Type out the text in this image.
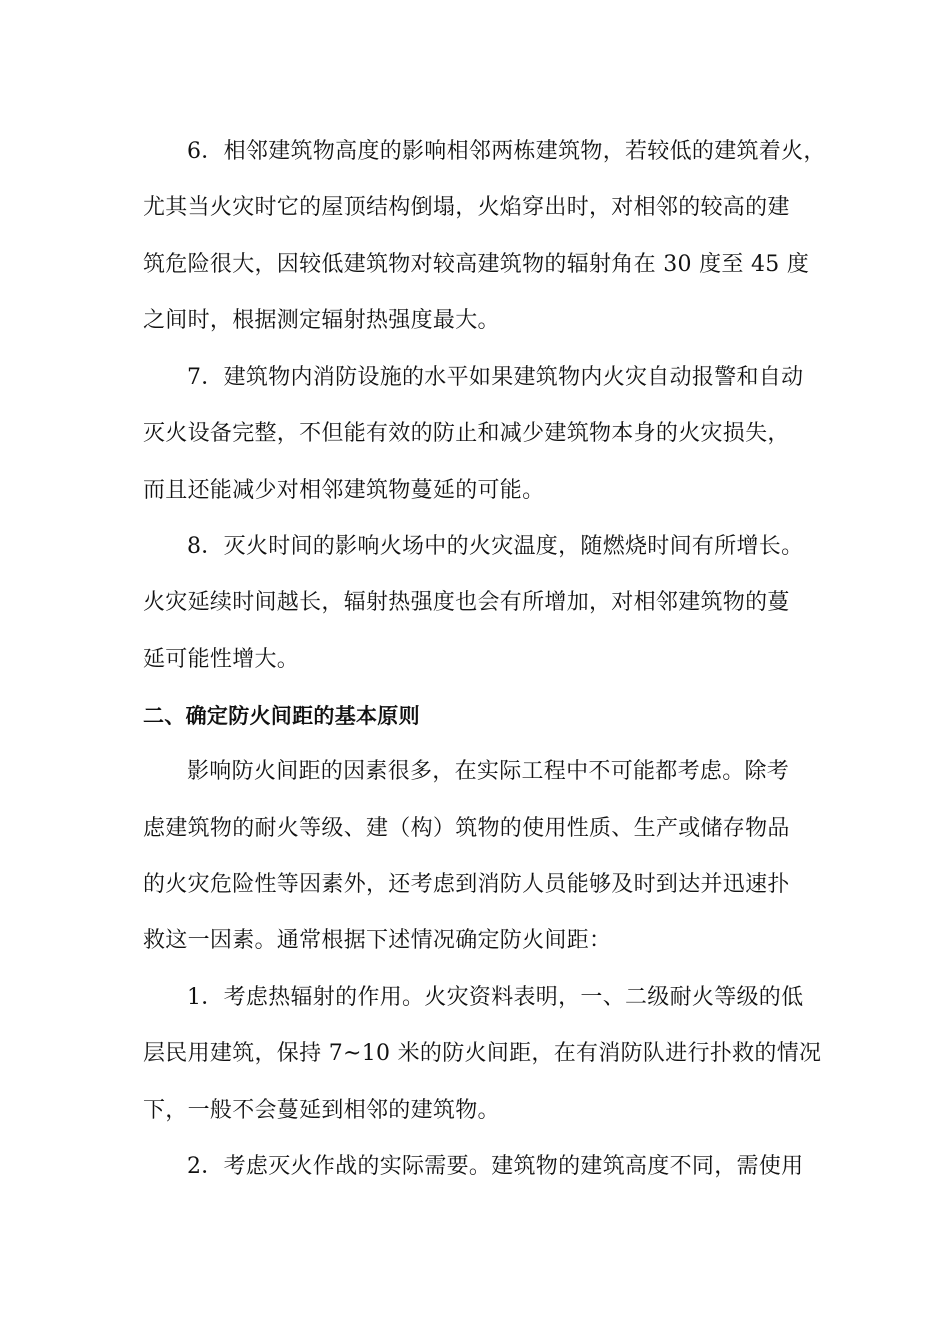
6．相邻建筑物高度的影响相邻两栋建筑物，若较低的建筑着火，
尤其当火灾时它的屋顶结构倒塌，火焰穿出时，对相邻的较高的建
筑危险很大，因较低建筑物对较高建筑物的辐射角在 30 度至 45 度
之间时，根据测定辐射热强度最大。
7．建筑物内消防设施的水平如果建筑物内火灾自动报警和自动
灭火设备完整，不但能有效的防止和减少建筑物本身的火灾损失，
而且还能减少对相邻建筑物蔓延的可能。
8．灭火时间的影响火场中的火灾温度，随燃烧时间有所增长。
火灾延续时间越长，辐射热强度也会有所增加，对相邻建筑物的蔓
延可能性增大。
二、确定防火间距的基本原则
影响防火间距的因素很多，在实际工程中不可能都考虑。除考
虑建筑物的耐火等级、建（构）筑物的使用性质、生产或储存物品
的火灾危险性等因素外，还考虑到消防人员能够及时到达并迅速扑
救这一因素。通常根据下述情况确定防火间距：
1．考虑热辐射的作用。火灾资料表明，一、二级耐火等级的低
层民用建筑，保持 7~10 米的防火间距，在有消防队进行扑救的情况
下，一般不会蔓延到相邻的建筑物。
2．考虑灭火作战的实际需要。建筑物的建筑高度不同，需使用
